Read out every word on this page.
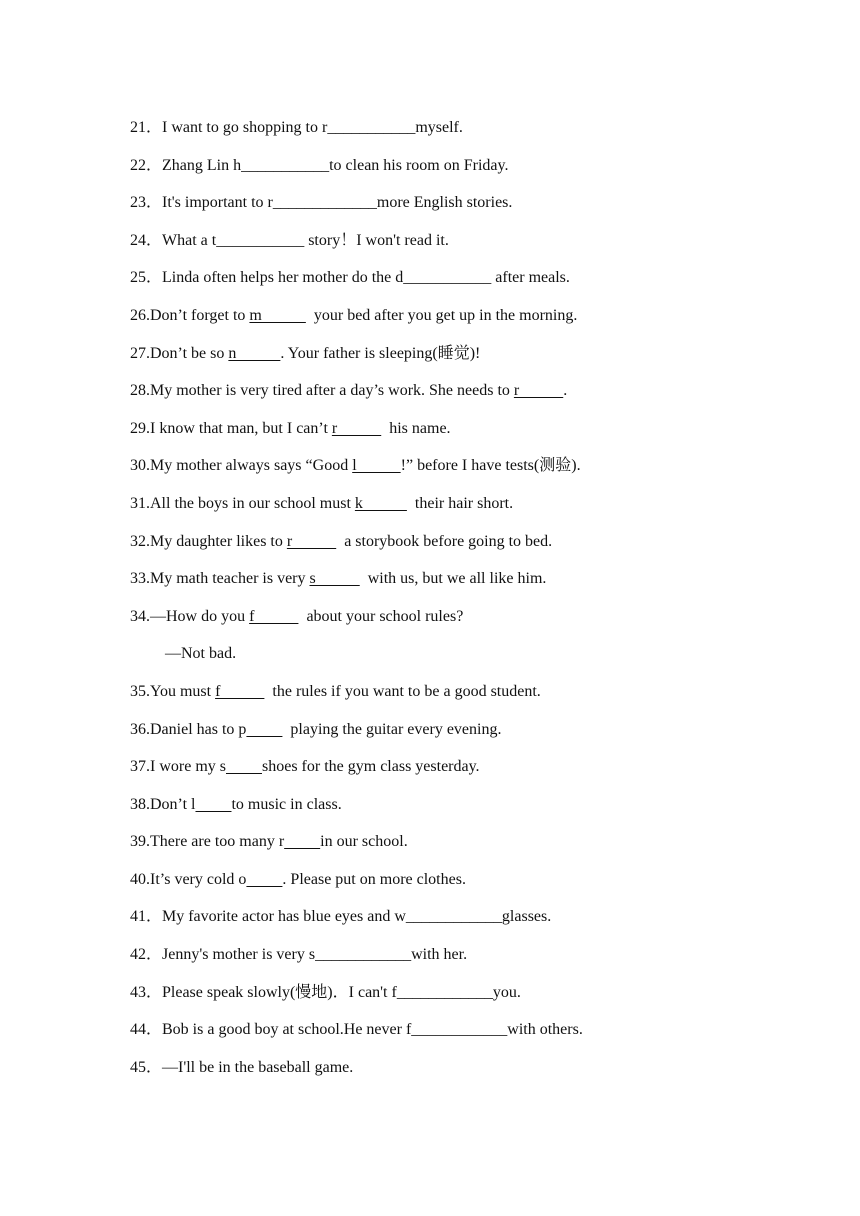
21．I want to go shopping to r___________myself.
22．Zhang Lin h___________to clean his room on Friday.
23．It's important to r_____________more English stories.
24．What a t___________ story！I won't read it.
25．Linda often helps her mother do the d___________ after meals.
26.Don’t forget to m             your bed after you get up in the morning.
27.Don’t be so n           . Your father is sleeping(睡觉)!
28.My mother is very tired after a day’s work. She needs to r           .
29.I know that man, but I can’t r             his name.
30.My mother always says “Good l           !” before I have tests(测验).
31.All the boys in our school must k             their hair short.
32.My daughter likes to r             a storybook before going to bed.
33.My math teacher is very s             with us, but we all like him.
34.—How do you f             about your school rules?
—Not bad.
35.You must f             the rules if you want to be a good student.
36.Daniel has to p           playing the guitar every evening.
37.I wore my s shoes for the gym class yesterday.
38.Don’t l to music in class.
39.There are too many r in our school.
40.It’s very cold o . Please put on more clothes.
41．My favorite actor has blue eyes and w____________glasses.
42．Jenny's mother is very s____________with her.
43．Please speak slowly(慢地)．I can't f____________you.
44．Bob is a good boy at school.He never f____________with others.
45．—I'll be in the baseball game.
